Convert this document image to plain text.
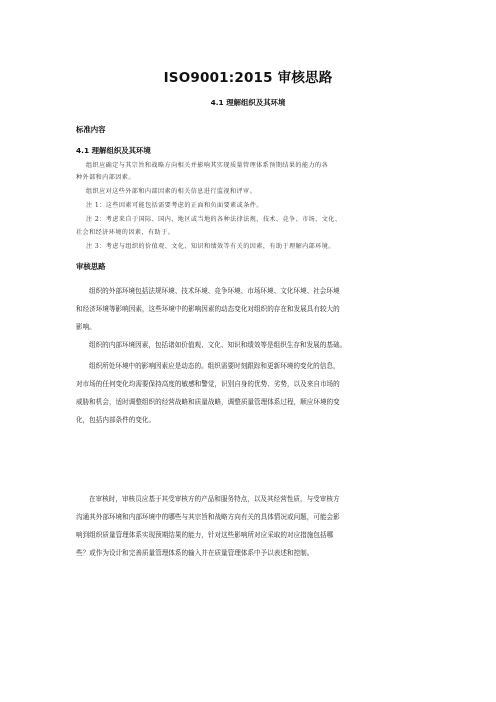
ISO9001:2015 审核思路
4.1 理解组织及其环境
标准内容
4.1 理解组织及其环境
组织应确定与其宗旨和战略方向相关并影响其实现质量管理体系预期结果的能力的各
种外部和内部因素。
组织应对这些外部和内部因素的相关信息进行监视和评审。
注 1：这些因素可能包括需要考虑的正面和负面要素或条件。
注 2：考虑来自于国际、国内、地区或当地的各种法律法规、技术、竞争、市场、文化、
社会和经济环境的因素，有助于。
注 3：考虑与组织的价值观、文化、知识和绩效等有关的因素，有助于理解内部环境。
审核思路
组织的外部环境包括法规环境、技术环境、竞争环境、市场环境、文化环境、社会环境
和经济环境等影响因素，这些环境中的影响因素的动态变化对组织的存在和发展具有较大的
影响。
组织的内部环境因素，包括诸如价值观、文化、知识和绩效等是组织生存和发展的基础。
组织所处环境中的影响因素应是动态的。组织需要时刻跟踪和更新环境的变化的信息，
对市场的任何变化均需要保持高度的敏感和警觉，识别自身的优势、劣势，以及来自市场的
威胁和机会，适时调整组织的经营战略和质量战略，调整质量管理体系过程，顺应环境的变
化，包括内部条件的变化。
在审核时，审核员应基于其受审核方的产品和服务特点，以及其经营性质，与受审核方
沟通其外部环境和内部环境中的哪些与其宗旨和战略方向有关的具体情况或问题，可能会影
响到组织质量管理体系实现预期结果的能力，针对这些影响所对应采取的对应措施包括哪
些？或作为设计和完善质量管理体系的输入并在质量管理体系中予以表述和控制。
